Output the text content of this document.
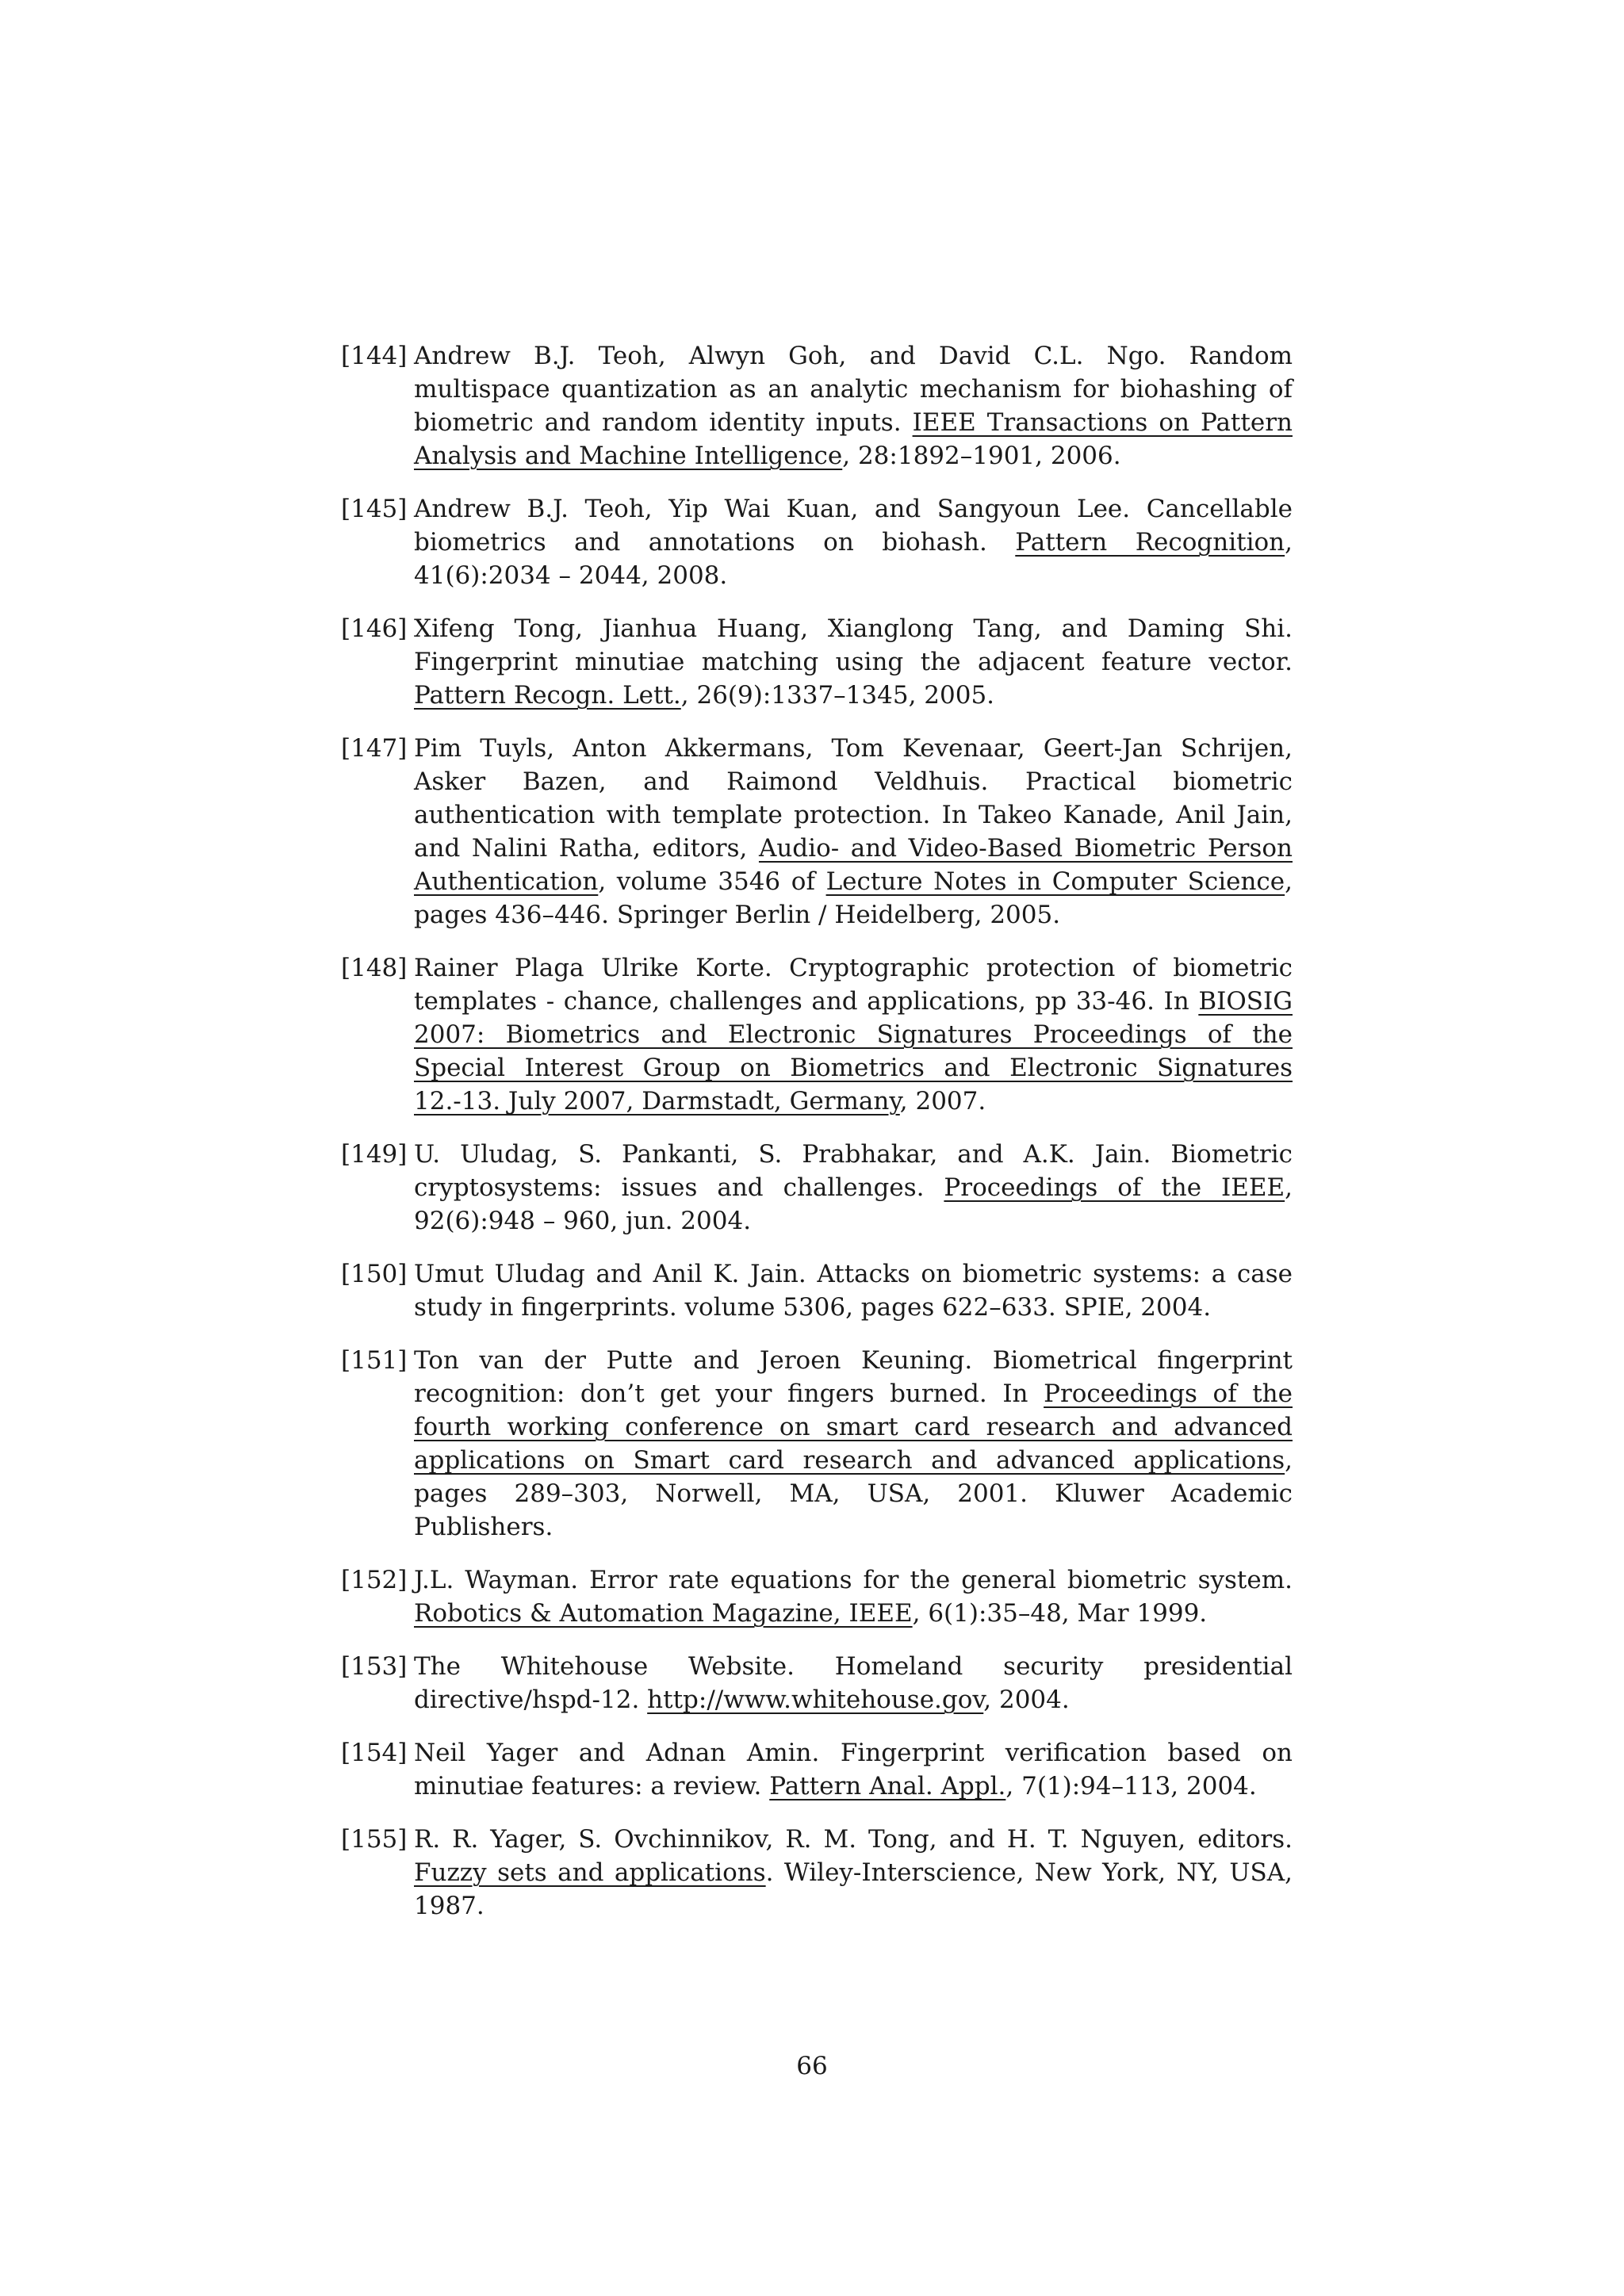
[144] Andrew B.J. Teoh, Alwyn Goh, and David C.L. Ngo. Random multispace quantization as an analytic mechanism for biohashing of biometric and random identity inputs. IEEE Transactions on Pattern Analysis and Machine Intelligence, 28:1892–1901, 2006.
[145] Andrew B.J. Teoh, Yip Wai Kuan, and Sangyoun Lee. Cancellable biometrics and annotations on biohash. Pattern Recognition, 41(6):2034 – 2044, 2008.
[146] Xifeng Tong, Jianhua Huang, Xianglong Tang, and Daming Shi. Fingerprint minutiae matching using the adjacent feature vector. Pattern Recogn. Lett., 26(9):1337–1345, 2005.
[147] Pim Tuyls, Anton Akkermans, Tom Kevenaar, Geert-Jan Schrijen, Asker Bazen, and Raimond Veldhuis. Practical biometric authentication with template protection. In Takeo Kanade, Anil Jain, and Nalini Ratha, editors, Audio- and Video-Based Biometric Person Authentication, volume 3546 of Lecture Notes in Computer Science, pages 436–446. Springer Berlin / Heidelberg, 2005.
[148] Rainer Plaga Ulrike Korte. Cryptographic protection of biometric templates - chance, challenges and applications, pp 33-46. In BIOSIG 2007: Biometrics and Electronic Signatures Proceedings of the Special Interest Group on Biometrics and Electronic Signatures 12.-13. July 2007, Darmstadt, Germany, 2007.
[149] U. Uludag, S. Pankanti, S. Prabhakar, and A.K. Jain. Biometric cryptosystems: issues and challenges. Proceedings of the IEEE, 92(6):948 – 960, jun. 2004.
[150] Umut Uludag and Anil K. Jain. Attacks on biometric systems: a case study in fingerprints. volume 5306, pages 622–633. SPIE, 2004.
[151] Ton van der Putte and Jeroen Keuning. Biometrical fingerprint recognition: don’t get your fingers burned. In Proceedings of the fourth working conference on smart card research and advanced applications on Smart card research and advanced applications, pages 289–303, Norwell, MA, USA, 2001. Kluwer Academic Publishers.
[152] J.L. Wayman. Error rate equations for the general biometric system. Robotics & Automation Magazine, IEEE, 6(1):35–48, Mar 1999.
[153] The Whitehouse Website. Homeland security presidential directive/hspd-12. http://www.whitehouse.gov, 2004.
[154] Neil Yager and Adnan Amin. Fingerprint verification based on minutiae features: a review. Pattern Anal. Appl., 7(1):94–113, 2004.
[155] R. R. Yager, S. Ovchinnikov, R. M. Tong, and H. T. Nguyen, editors. Fuzzy sets and applications. Wiley-Interscience, New York, NY, USA, 1987.
66
